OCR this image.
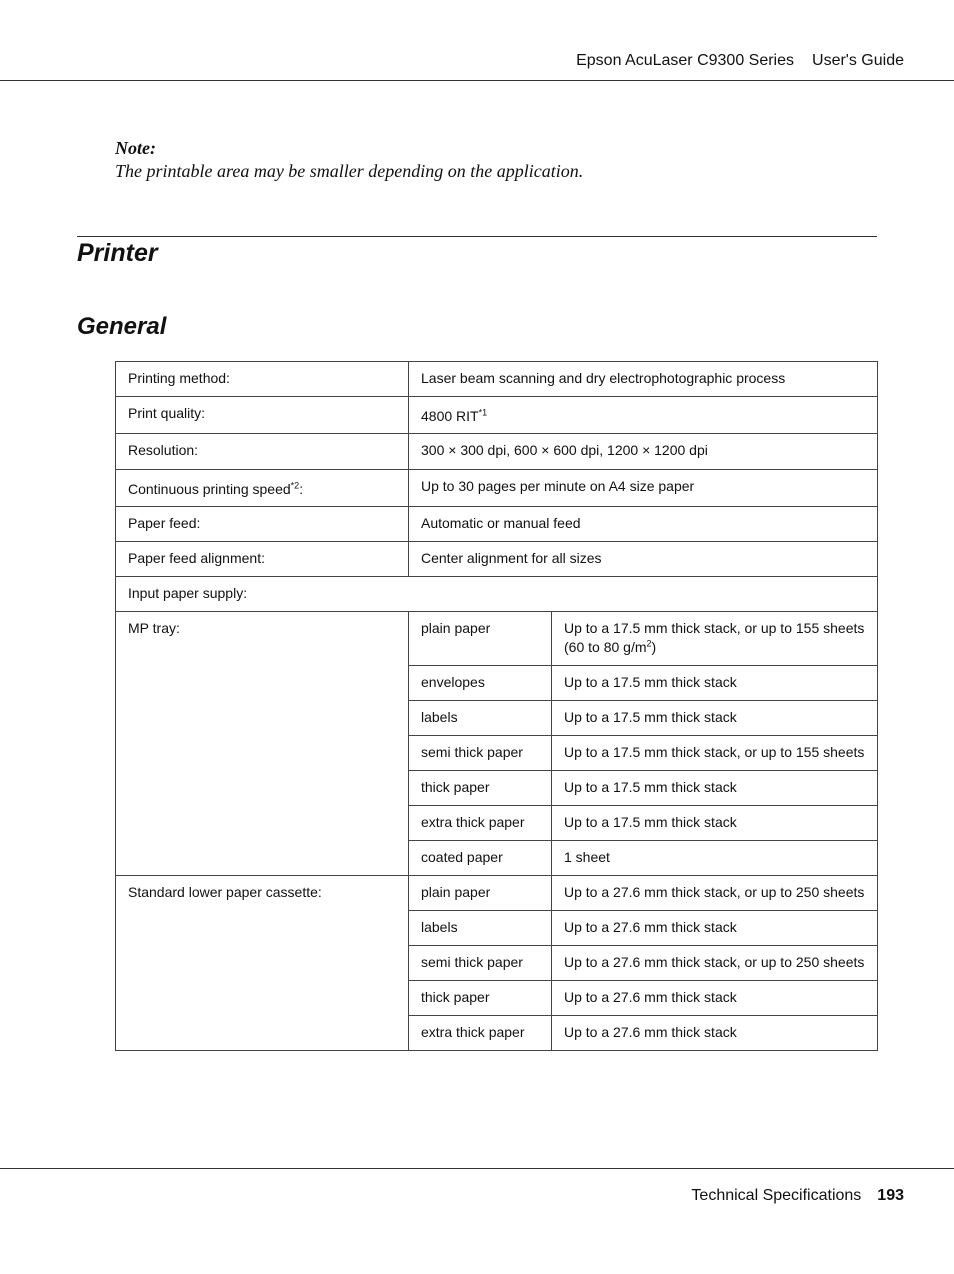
Epson AcuLaser C9300 Series User's Guide
Note:
The printable area may be smaller depending on the application.
Printer
General
Printing method:	Laser beam scanning and dry electrophotographic process	
Print quality:	4800 RIT$^{*1}$
Resolution:	300 × 300 dpi, 600 × 600 dpi, 1200 × 1200 dpi	
Continuous printing speed$^{*2}$:	Up to 30 pages per minute on A4 size paper	
Paper feed:	Automatic or manual feed	
Paper feed alignment:	Center alignment for all sizes	
Input paper supply:		
MP tray:	plain paper	Up to a 17.5 mm thick stack, or up to 155 sheets
(60 to 80 $g/m^2$)
	envelopes	Up to a 17.5 mm thick stack
	labels	Up to a 17.5 mm thick stack
	semi thick paper	Up to a 17.5 mm thick stack, or up to 155 sheets
	thick paper	Up to a 17.5 mm thick stack
	extra thick paper	Up to a 17.5 mm thick stack
	coated paper	1 sheet
Standard lower paper cassette:	plain paper	Up to a 27.6 mm thick stack, or up to 250 sheets
	labels	Up to a 27.6 mm thick stack
	semi thick paper	Up to a 27.6 mm thick stack, or up to 250 sheets
	thick paper	Up to a 27.6 mm thick stack
	extra thick paper	Up to a 27.6 mm thick stack
Technical Specifications 193
